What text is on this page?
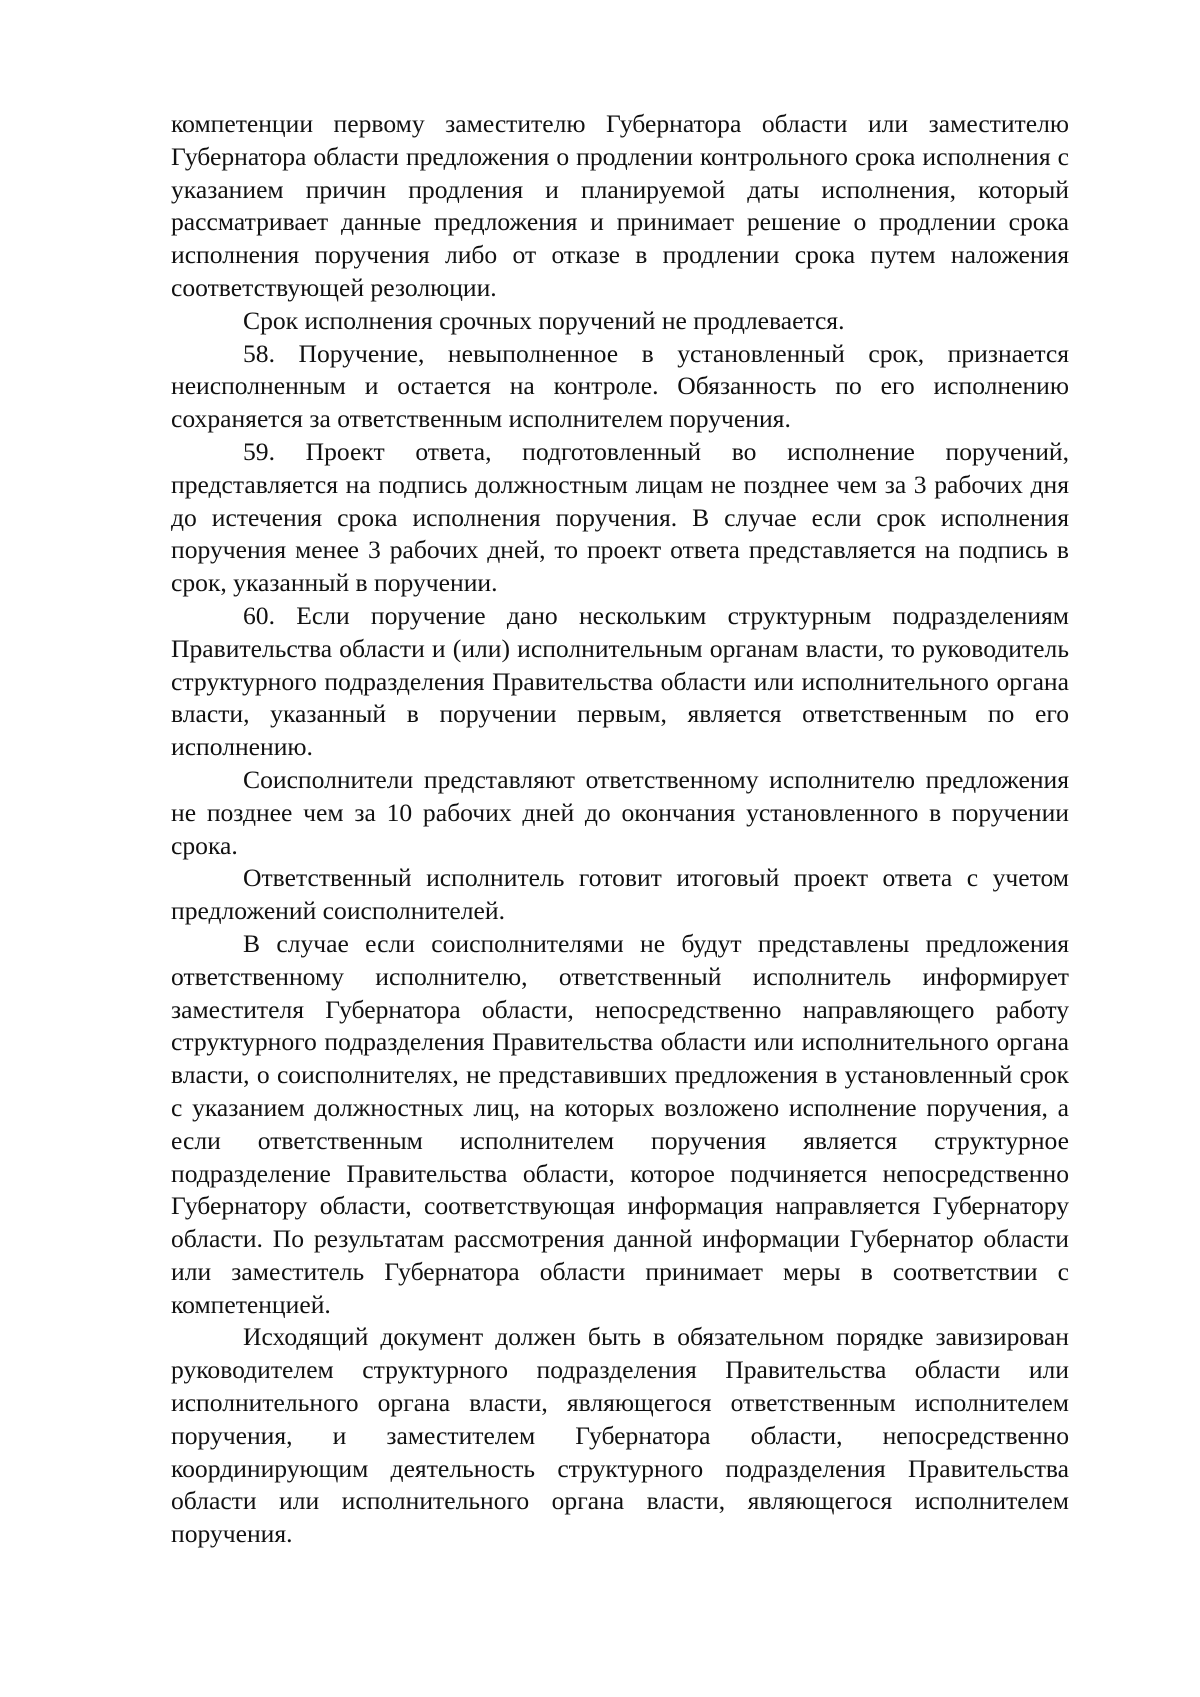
компетенции первому заместителю Губернатора области или заместителю Губернатора области предложения о продлении контрольного срока исполнения с указанием причин продления и планируемой даты исполнения, который рассматривает данные предложения и принимает решение о продлении срока исполнения поручения либо от отказе в продлении срока путем наложения соответствующей резолюции.

Срок исполнения срочных поручений не продлевается.

58. Поручение, невыполненное в установленный срок, признается неисполненным и остается на контроле. Обязанность по его исполнению сохраняется за ответственным исполнителем поручения.

59. Проект ответа, подготовленный во исполнение поручений, представляется на подпись должностным лицам не позднее чем за 3 рабочих дня до истечения срока исполнения поручения. В случае если срок исполнения поручения менее 3 рабочих дней, то проект ответа представляется на подпись в срок, указанный в поручении.

60. Если поручение дано нескольким структурным подразделениям Правительства области и (или) исполнительным органам власти, то руководитель структурного подразделения Правительства области или исполнительного органа власти, указанный в поручении первым, является ответственным по его исполнению.

Соисполнители представляют ответственному исполнителю предложения не позднее чем за 10 рабочих дней до окончания установленного в поручении срока.

Ответственный исполнитель готовит итоговый проект ответа с учетом предложений соисполнителей.

В случае если соисполнителями не будут представлены предложения ответственному исполнителю, ответственный исполнитель информирует заместителя Губернатора области, непосредственно направляющего работу структурного подразделения Правительства области или исполнительного органа власти, о соисполнителях, не представивших предложения в установленный срок с указанием должностных лиц, на которых возложено исполнение поручения, а если ответственным исполнителем поручения является структурное подразделение Правительства области, которое подчиняется непосредственно Губернатору области, соответствующая информация направляется Губернатору области. По результатам рассмотрения данной информации Губернатор области или заместитель Губернатора области принимает меры в соответствии с компетенцией.

Исходящий документ должен быть в обязательном порядке завизирован руководителем структурного подразделения Правительства области или исполнительного органа власти, являющегося ответственным исполнителем поручения, и заместителем Губернатора области, непосредственно координирующим деятельность структурного подразделения Правительства области или исполнительного органа власти, являющегося исполнителем поручения.
